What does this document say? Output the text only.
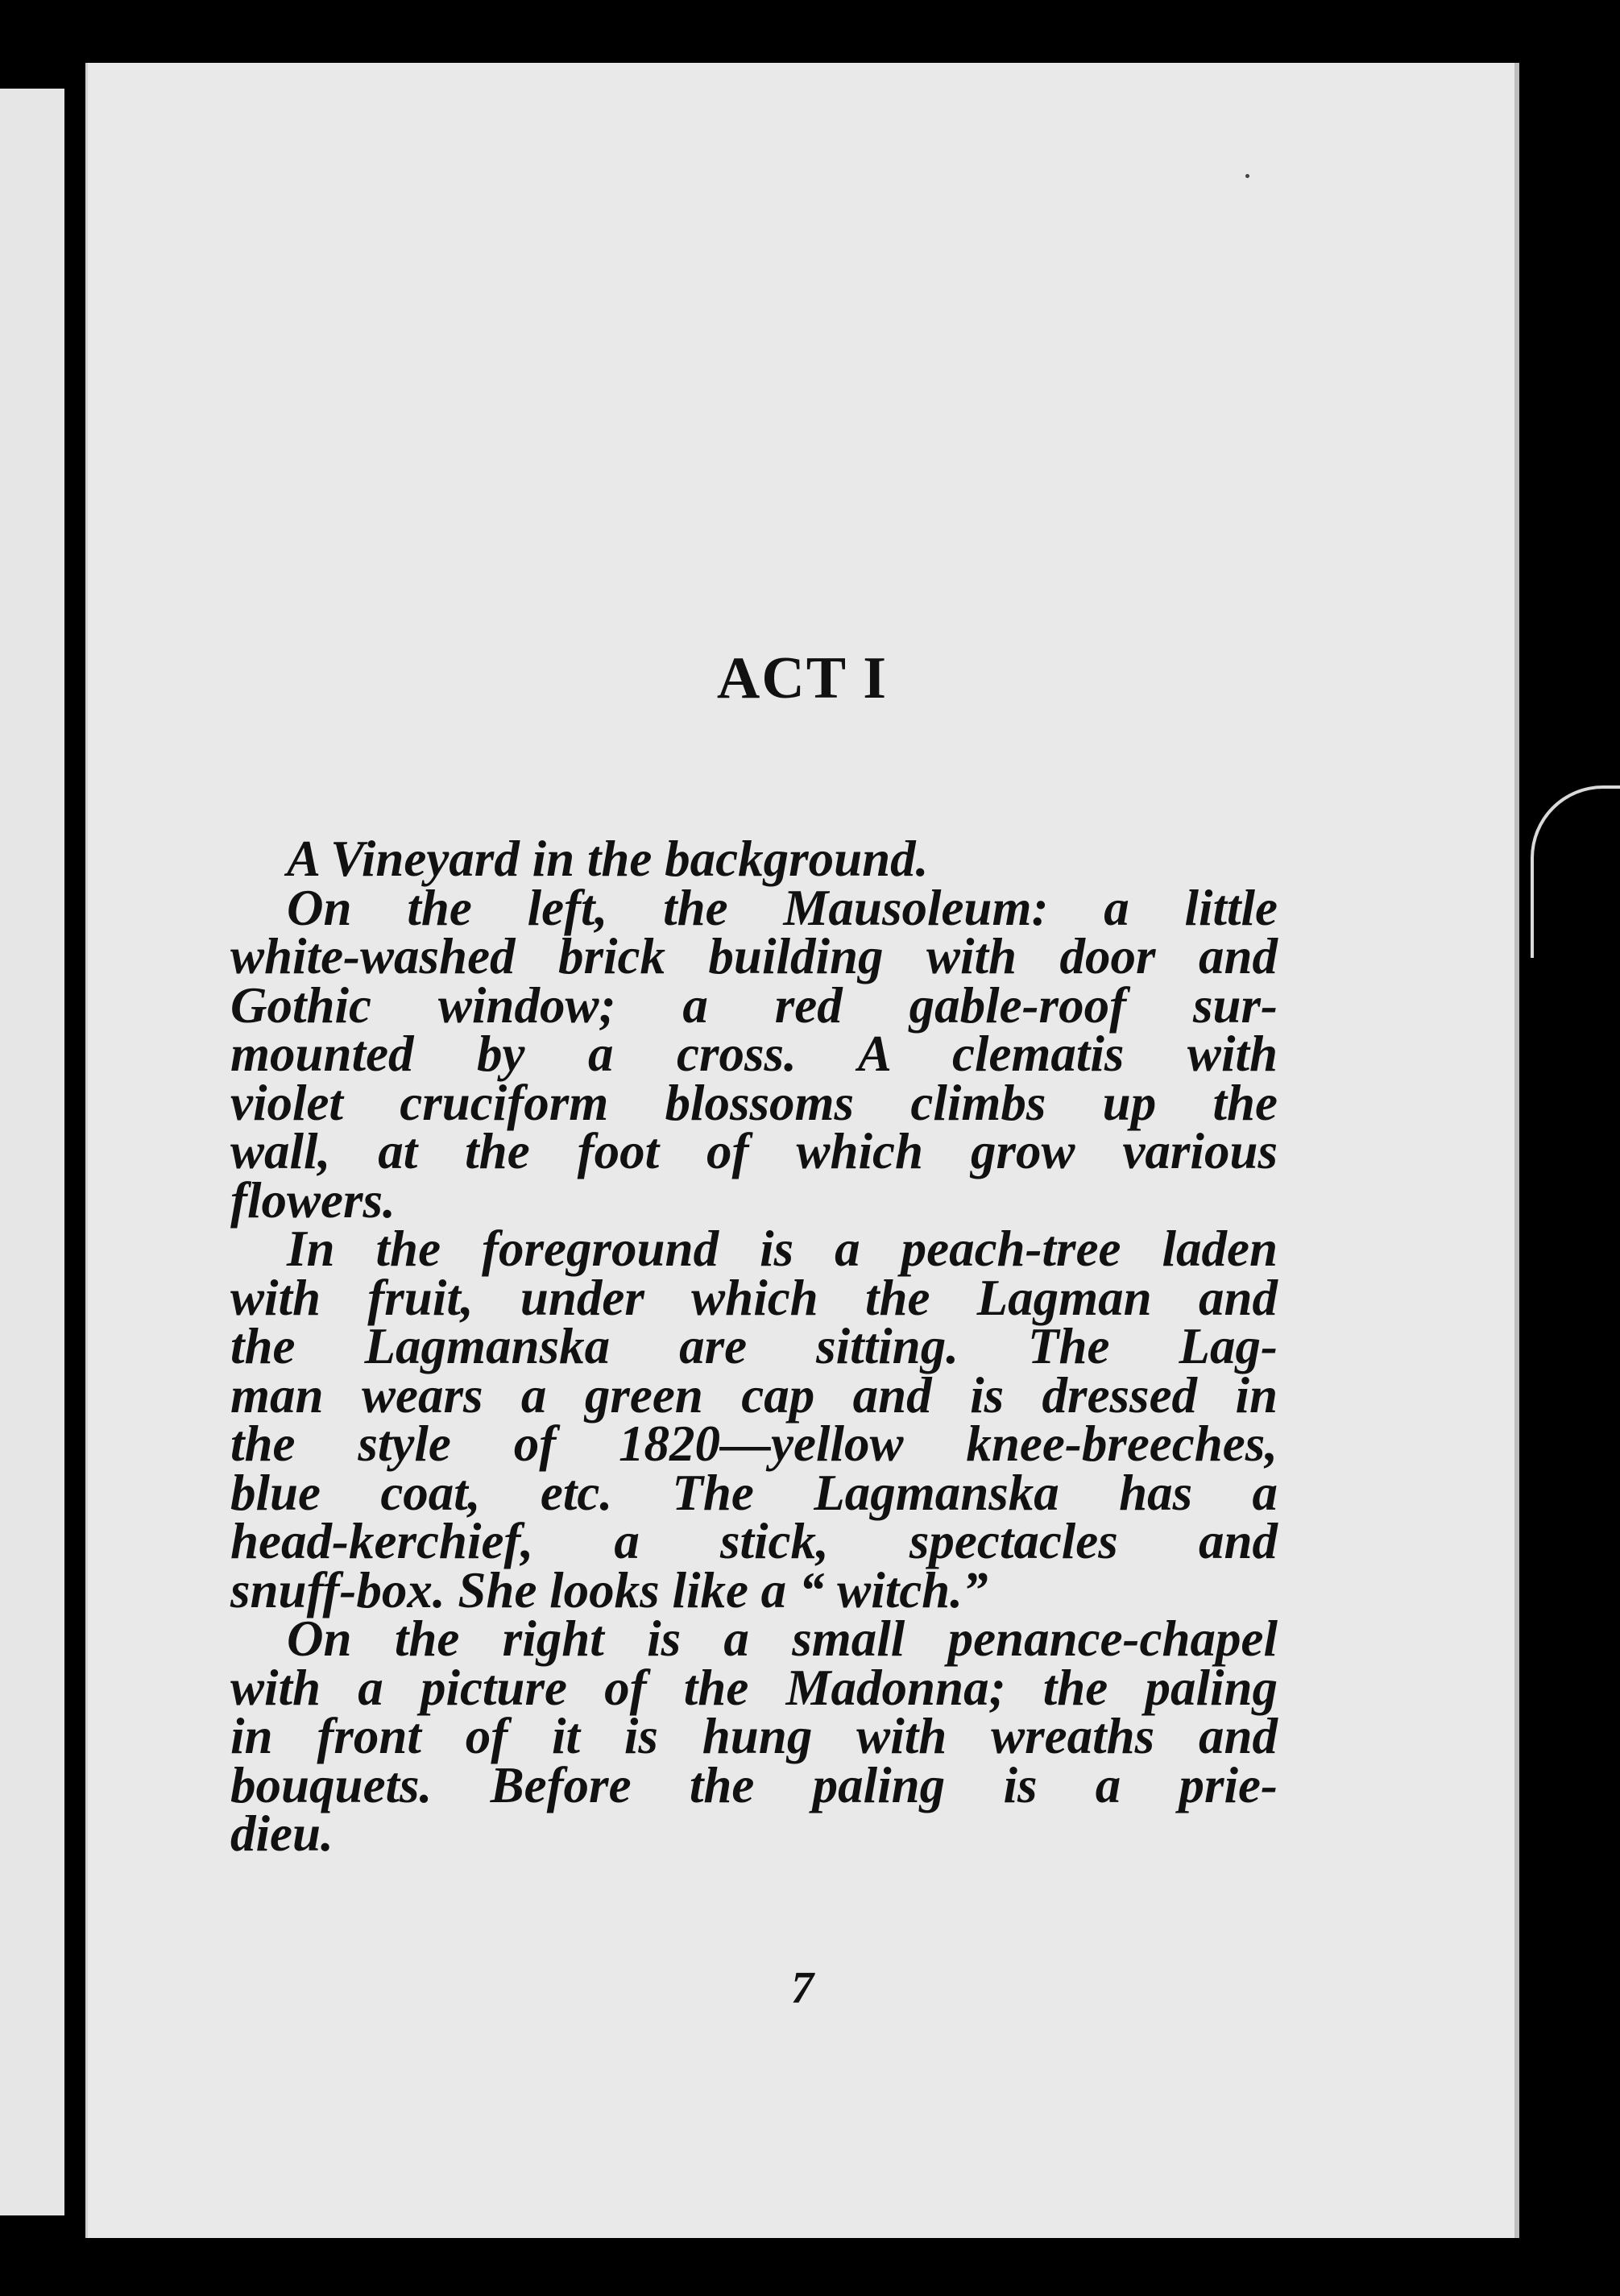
ACT I
A Vineyard in the background.
On the left, the Mausoleum: a little
white-washed brick building with door and
Gothic window; a red gable-roof sur-
mounted by a cross. A clematis with
violet cruciform blossoms climbs up the
wall, at the foot of which grow various
flowers.
In the foreground is a peach-tree laden
with fruit, under which the Lagman and
the Lagmanska are sitting. The Lag-
man wears a green cap and is dressed in
the style of 1820—yellow knee-breeches,
blue coat, etc. The Lagmanska has a
head-kerchief, a stick, spectacles and
snuff-box. She looks like a “ witch.”
On the right is a small penance-chapel
with a picture of the Madonna; the paling
in front of it is hung with wreaths and
bouquets. Before the paling is a prie-
dieu.
7
